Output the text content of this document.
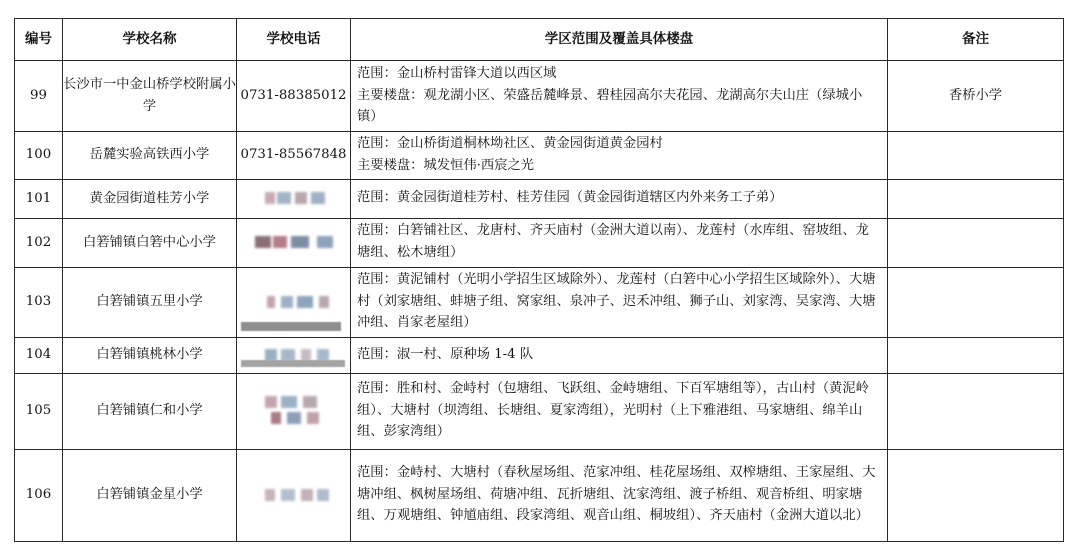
编号	学校名称	学校电话	学区范围及覆盖具体楼盘	备注
99	长沙市一中金山桥学校附属小学	0731-88385012	范围：金山桥村雷锋大道以西区域
主要楼盘：观龙湖小区、荣盛岳麓峰景、碧桂园高尔夫花园、龙湖高尔夫山庄（绿城小镇）	香桥小学
100	岳麓实验高铁西小学	0731-85567848	范围：金山桥街道桐林坳社区、黄金园街道黄金园村
主要楼盘：城发恒伟·西宸之光	

101	黄金园街道桂芳小学		范围：黄金园街道桂芳村、桂芳佳园（黄金园街道辖区内外来务工子弟）	

102	白箬铺镇白箬中心小学		范围：白箬铺社区、龙唐村、齐天庙村（金洲大道以南）、龙莲村（水库组、窑坡组、龙塘组、松木塘组）	

103	白箬铺镇五里小学		范围：黄泥铺村（光明小学招生区域除外）、龙莲村（白箬中心小学招生区域除外）、大塘村（刘家塘组、蚌塘子组、窝家组、泉冲子、迟禾冲组、狮子山、刘家湾、吴家湾、大塘冲组、肖家老屋组）	

104	白箬铺镇桃林小学		范围：淑一村、原种场 1-4 队	

105	白箬铺镇仁和小学		范围：胜和村、金峙村（包塘组、飞跃组、金峙塘组、下百军塘组等），古山村（黄泥岭组）、大塘村（坝湾组、长塘组、夏家湾组），光明村（上下雅港组、马家塘组、绵羊山组、彭家湾组）	

106	白箬铺镇金星小学		范围：金峙村、大塘村（春秋屋场组、范家冲组、桂花屋场组、双榨塘组、王家屋组、大塘冲组、枫树屋场组、荷塘冲组、瓦折塘组、沈家湾组、渡子桥组、观音桥组、明家塘组、万观塘组、钟馗庙组、段家湾组、观音山组、桐坡组）、齐天庙村（金洲大道以北）	
